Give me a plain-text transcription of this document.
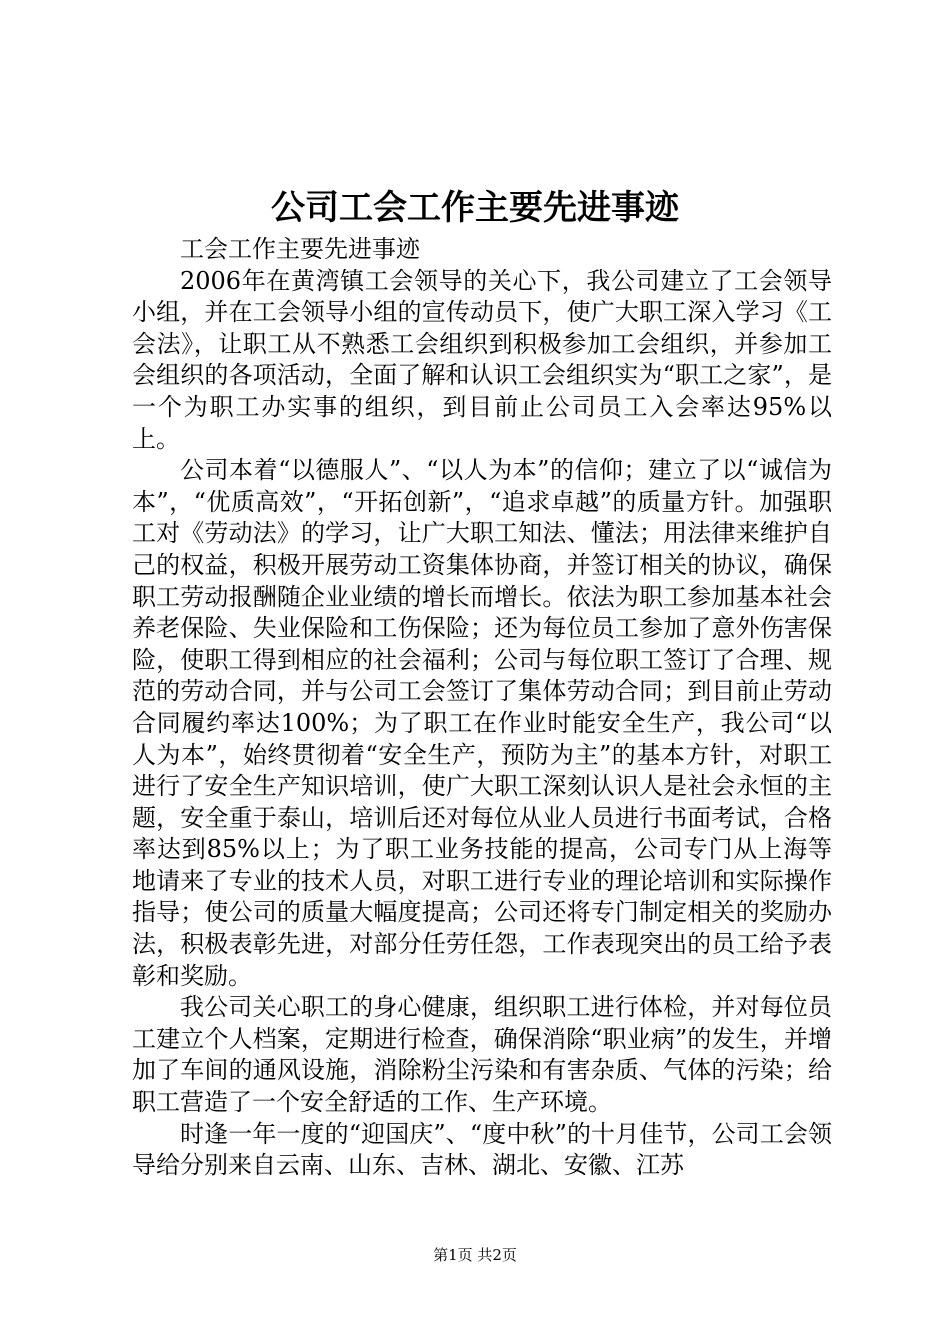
公司工会工作主要先进事迹

工会工作主要先进事迹

2006年在黄湾镇工会领导的关心下，我公司建立了工会领导小组，并在工会领导小组的宣传动员下，使广大职工深入学习《工会法》，让职工从不熟悉工会组织到积极参加工会组织，并参加工会组织的各项活动，全面了解和认识工会组织实为“职工之家”，是一个为职工办实事的组织，到目前止公司员工入会率达95%以上。

公司本着“以德服人”、“以人为本”的信仰；建立了以“诚信为本”，“优质高效”，“开拓创新”，“追求卓越”的质量方针。加强职工对《劳动法》的学习，让广大职工知法、懂法；用法律来维护自己的权益，积极开展劳动工资集体协商，并签订相关的协议，确保职工劳动报酬随企业业绩的增长而增长。依法为职工参加基本社会养老保险、失业保险和工伤保险；还为每位员工参加了意外伤害保险，使职工得到相应的社会福利；公司与每位职工签订了合理、规范的劳动合同，并与公司工会签订了集体劳动合同；到目前止劳动合同履约率达100%；为了职工在作业时能安全生产，我公司“以人为本”，始终贯彻着“安全生产，预防为主”的基本方针，对职工进行了安全生产知识培训，使广大职工深刻认识人是社会永恒的主题，安全重于泰山，培训后还对每位从业人员进行书面考试，合格率达到85%以上；为了职工业务技能的提高，公司专门从上海等地请来了专业的技术人员，对职工进行专业的理论培训和实际操作指导；使公司的质量大幅度提高；公司还将专门制定相关的奖励办法，积极表彰先进，对部分任劳任怨，工作表现突出的员工给予表彰和奖励。

我公司关心职工的身心健康，组织职工进行体检，并对每位员工建立个人档案，定期进行检查，确保消除“职业病”的发生，并增加了车间的通风设施，消除粉尘污染和有害杂质、气体的污染；给职工营造了一个安全舒适的工作、生产环境。

时逢一年一度的“迎国庆”、“度中秋”的十月佳节，公司工会领导给分别来自云南、山东、吉林、湖北、安徽、江苏

第1页 共2页
